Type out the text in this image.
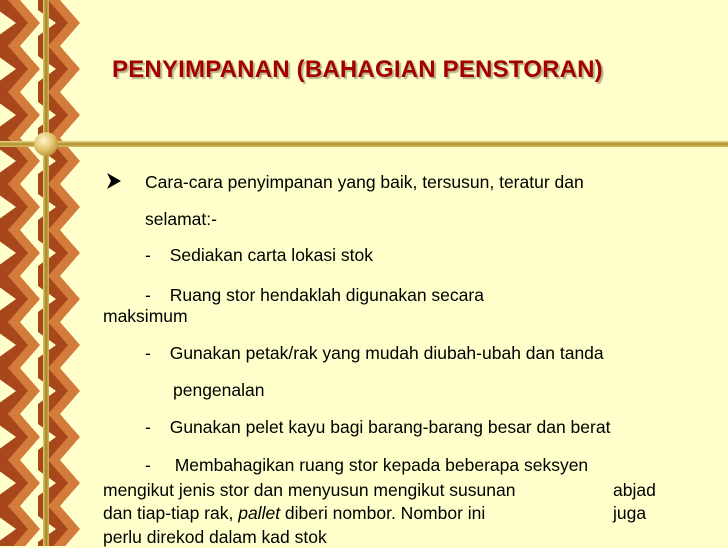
PENYIMPANAN (BAHAGIAN PENSTORAN)
Cara-cara penyimpanan yang baik, tersusun, teratur dan
selamat:-
- Sediakan carta lokasi stok
- Ruang stor hendaklah digunakan secara
maksimum
- Gunakan petak/rak yang mudah diubah-ubah dan tanda
pengenalan
- Gunakan pelet kayu bagi barang-barang besar dan berat
- Membahagikan ruang stor kepada beberapa seksyen
mengikut jenis stor dan menyusun mengikut susunan	abjad
dan tiap-tiap rak, pallet diberi nombor. Nombor ini	juga
perlu direkod dalam kad stok
